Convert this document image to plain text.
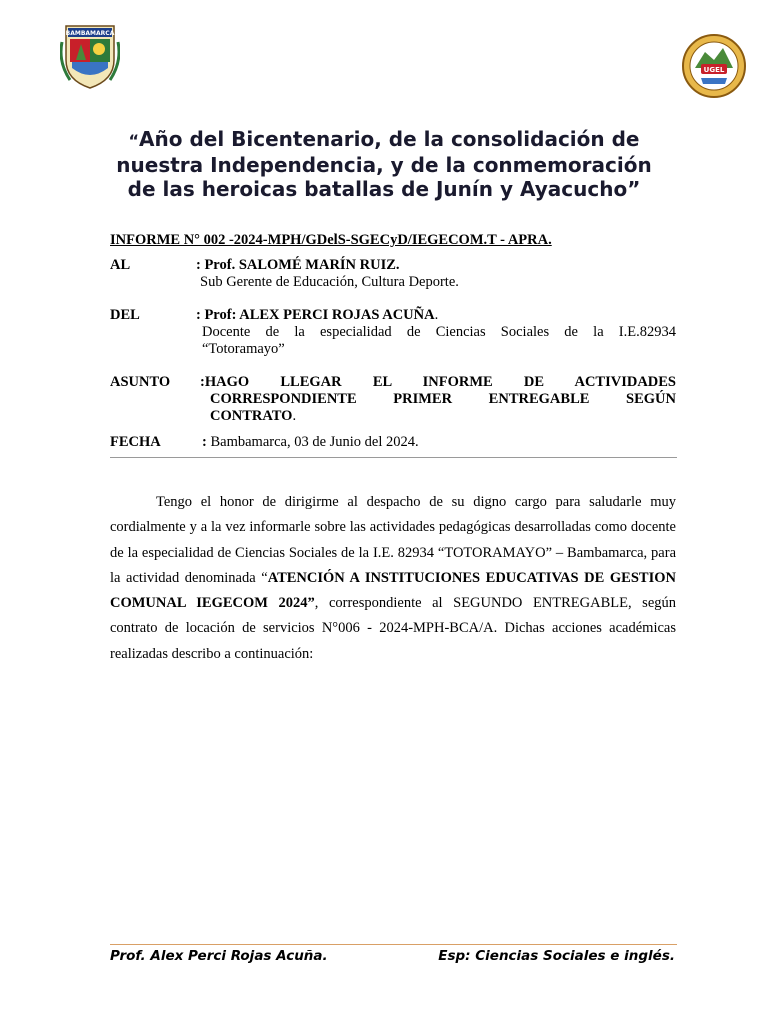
BAMBAMARCA
UGEL
“Año del Bicentenario, de la consolidación de nuestra Independencia, y de la conmemoración de las heroicas batallas de Junín y Ayacucho”
INFORME N° 002 -2024-MPH/GDelS-SGECyD/IEGECOM.T - APRA.
AL	: Prof. SALOMÉ MARÍN RUIZ.
Sub Gerente de Educación, Cultura Deporte.
DEL	: Prof: ALEX PERCI ROJAS ACUÑA.
Docente de la especialidad de Ciencias Sociales de la I.E.82934
“Totoramayo”
ASUNTO :HAGO LLEGAR EL INFORME DE ACTIVIDADES
CORRESPONDIENTE PRIMER ENTREGABLE SEGÚN
CONTRATO.
FECHA	: Bambamarca, 03 de Junio del 2024.

Tengo el honor de dirigirme al despacho de su digno cargo para saludarle muy cordialmente y a la vez informarle sobre las actividades pedagógicas desarrolladas como docente de la especialidad de Ciencias Sociales de la I.E. 82934 “TOTORAMAYO” – Bambamarca, para la actividad denominada “ATENCIÓN A INSTITUCIONES EDUCATIVAS DE GESTION COMUNAL IEGECOM 2024”, correspondiente al SEGUNDO ENTREGABLE, según contrato de locación de servicios N°006 - 2024-MPH-BCA/A. Dichas acciones académicas realizadas describo a continuación:

Prof. Alex Perci Rojas Acuña.	Esp: Ciencias Sociales e inglés.
